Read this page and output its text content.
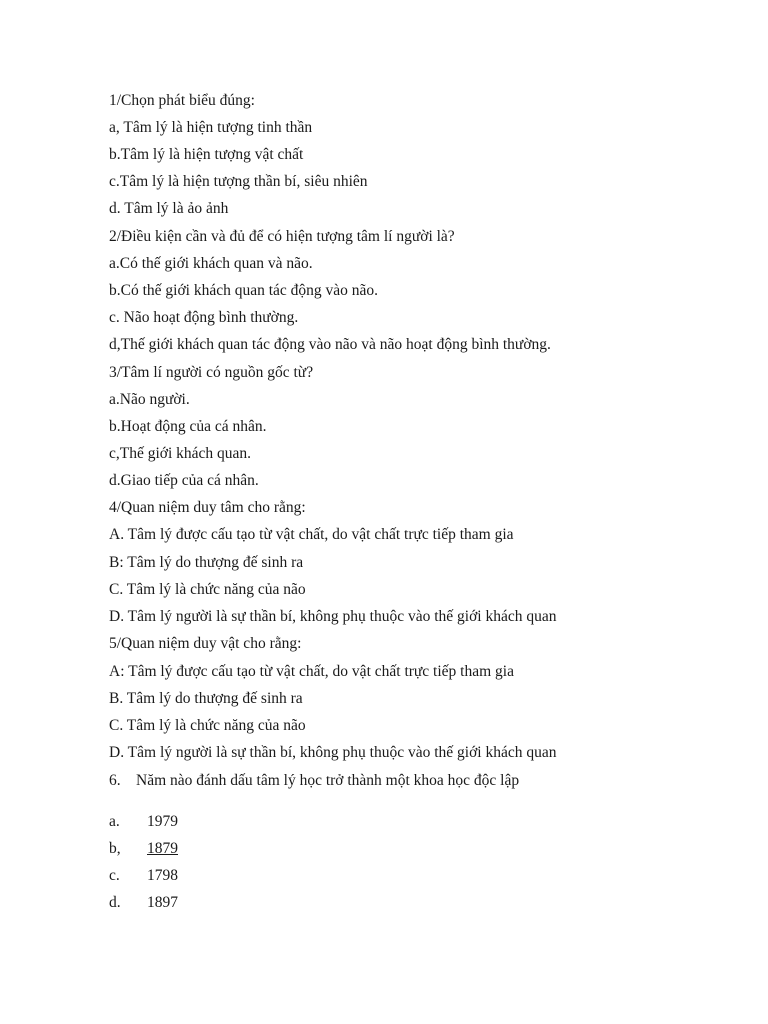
1/Chọn phát biểu đúng:
a, Tâm lý là hiện tượng tinh thần
b.Tâm lý là hiện tượng vật chất
c.Tâm lý là hiện tượng thần bí, siêu nhiên
d. Tâm lý là ảo ảnh
2/Điều kiện cần và đủ để có hiện tượng tâm lí người là?
a.Có thế giới khách quan và não.
b.Có thế giới khách quan tác động vào não.
c. Não hoạt động bình thường.
d,Thế giới khách quan tác động vào não và não hoạt động bình thường.
3/Tâm lí người có nguồn gốc từ?
a.Não người.
b.Hoạt động của cá nhân.
c,Thế giới khách quan.
d.Giao tiếp của cá nhân.
4/Quan niệm duy tâm cho rằng:
A. Tâm lý được cấu tạo từ vật chất, do vật chất trực tiếp tham gia
B: Tâm lý do thượng đế sinh ra
C. Tâm lý là chức năng của não
D. Tâm lý người là sự thần bí, không phụ thuộc vào thế giới khách quan
5/Quan niệm duy vật cho rằng:
A: Tâm lý được cấu tạo từ vật chất, do vật chất trực tiếp tham gia
B. Tâm lý do thượng đế sinh ra
C. Tâm lý là chức năng của não
D. Tâm lý người là sự thần bí, không phụ thuộc vào thế giới khách quan
6. Năm nào đánh dấu tâm lý học trở thành một khoa học độc lập
a. 1979
b, 1879
c. 1798
d. 1897
